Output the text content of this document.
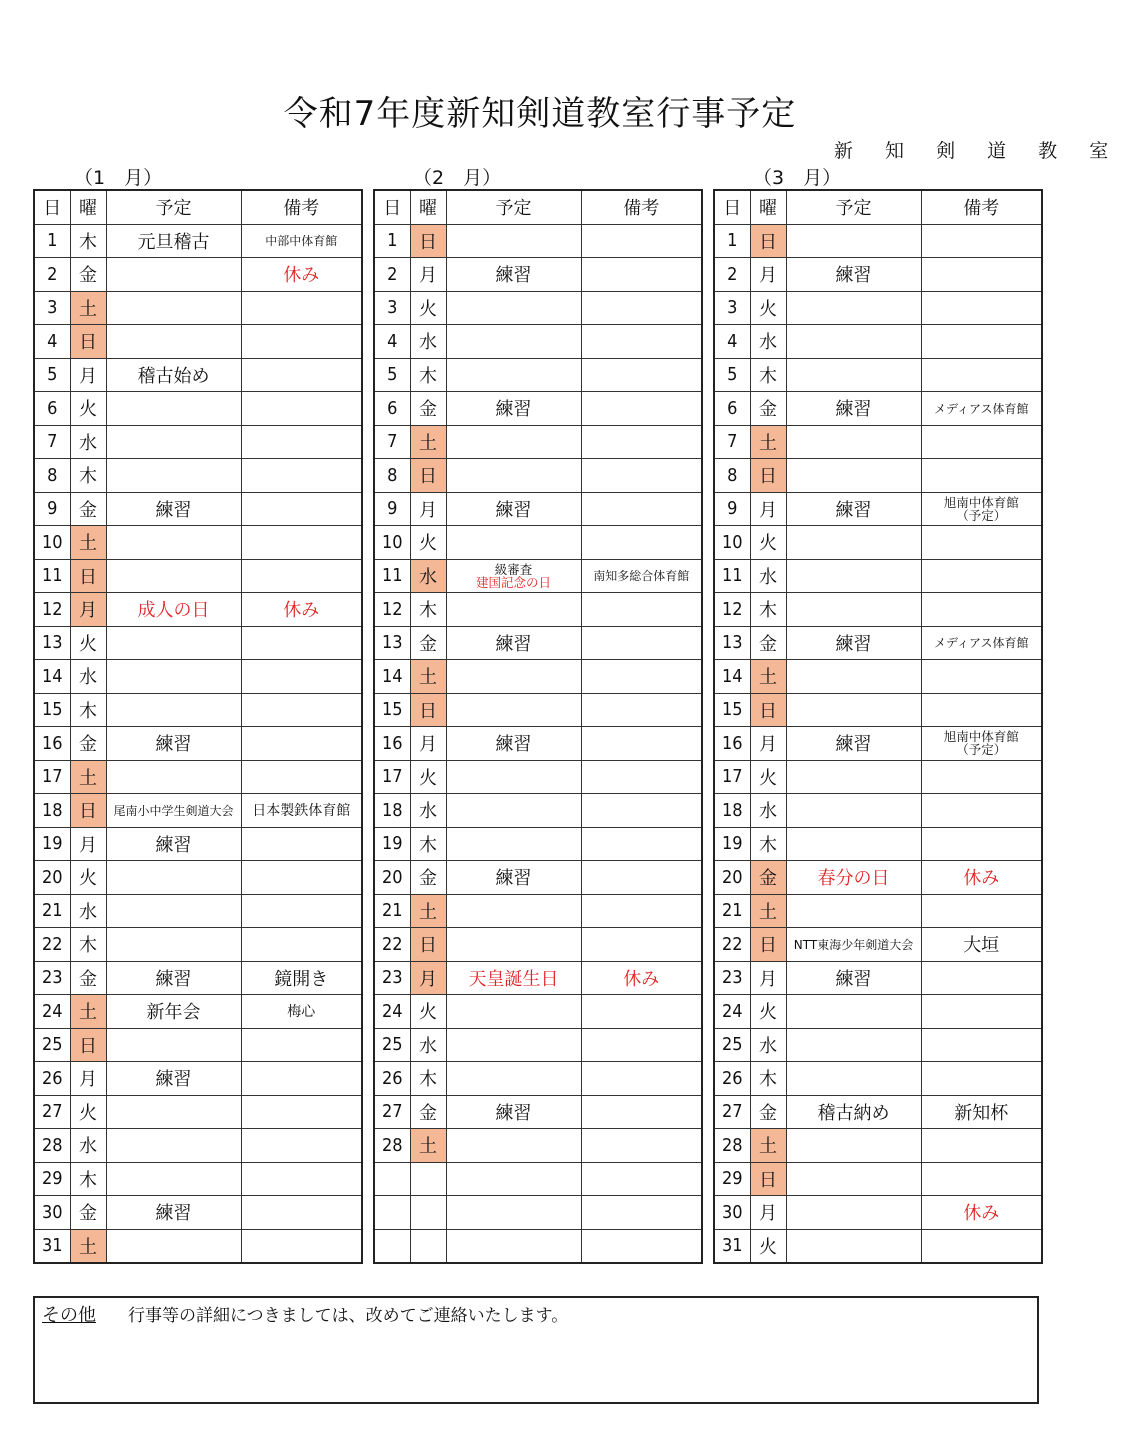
令和7年度新知剣道教室行事予定
新 知 剣 道 教 室
（1　月）	（2　月）	（3　月）
日	曜	予定	備考
1	木	元旦稽古	中部中体育館
2	金		休み
3	土		
4	日		
5	月	稽古始め	
6	火		
7	水		
8	木		
9	金	練習	
10	土		
11	日		
12	月	成人の日	休み
13	火		
14	水		
15	木		
16	金	練習	
17	土		
18	日	尾南小中学生剣道大会	日本製鉄体育館
19	月	練習	
20	火		
21	水		
22	木		
23	金	練習	鏡開き
24	土	新年会	梅心
25	日		
26	月	練習	
27	火		
28	水		
29	木		
30	金	練習	
31	土		
日	曜	予定	備考
1	日		
2	月	練習	
3	火		
4	水		
5	木		
6	金	練習	
7	土		
8	日		
9	月	練習	
10	火		
11	水	級審査
建国記念の日	南知多総合体育館
12	木		
13	金	練習	
14	土		
15	日		
16	月	練習	
17	火		
18	水		
19	木		
20	金	練習	
21	土		
22	日		
23	月	天皇誕生日	休み
24	火		
25	水		
26	木		
27	金	練習	
28	土		

日	曜	予定	備考
1	日		
2	月	練習	
3	火		
4	水		
5	木		
6	金	練習	メディアス体育館
7	土		
8	日		
9	月	練習	旭南中体育館
（予定）

10	火		
11	水		
12	木		
13	金	練習	メディアス体育館
14	土		
15	日		
16	月	練習	旭南中体育館
（予定）

17	火		
18	水		
19	木		
20	金	春分の日	休み
21	土		
22	日	NTT東海少年剣道大会	大垣
23	月	練習	
24	火		
25	水		
26	木		
27	金	稽古納め	新知杯
28	土		
29	日		
30	月		休み
31	火		
その他 行事等の詳細につきましては、改めてご連絡いたします。
